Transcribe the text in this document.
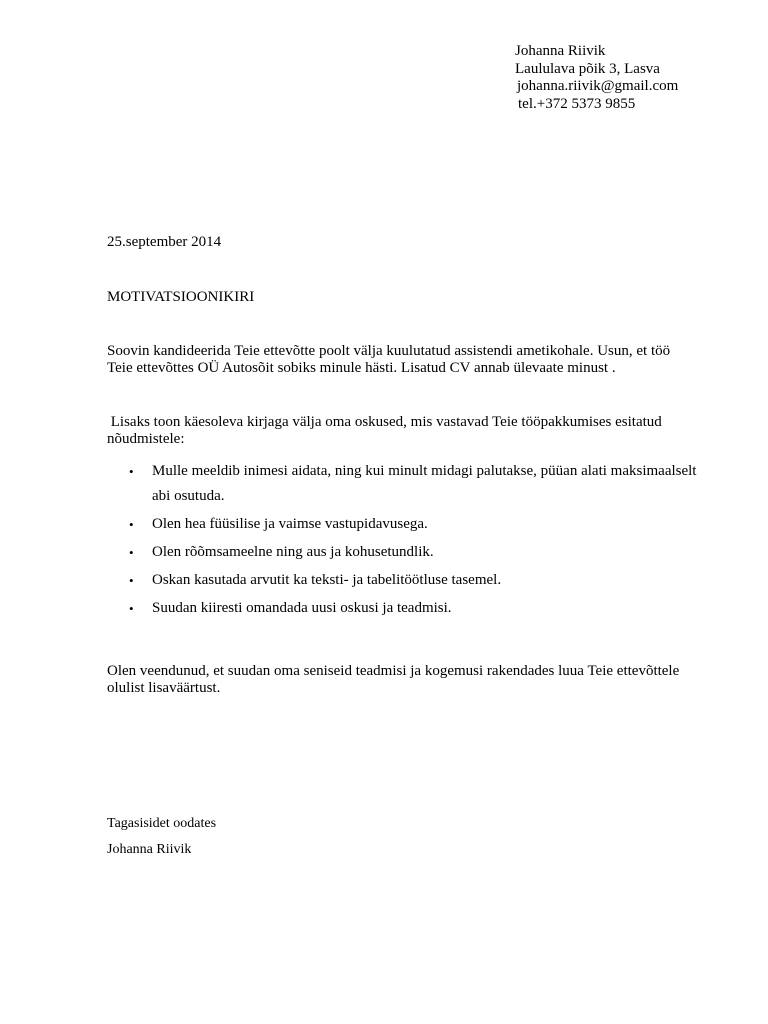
Johanna Riivik
Laululava põik 3, Lasva
johanna.riivik@gmail.com
tel.+372 5373 9855
25.september 2014
MOTIVATSIOONIKIRI
Soovin kandideerida Teie ettevõtte poolt välja kuulutatud assistendi ametikohale. Usun, et töö Teie ettevõttes OÜ Autosõit sobiks minule hästi. Lisatud CV annab ülevaate minust .
Lisaks toon käesoleva kirjaga välja oma oskused, mis vastavad Teie tööpakkumises esitatud nõudmistele:
• Mulle meeldib inimesi aidata, ning kui minult midagi palutakse, püüan alati maksimaalselt abi osutuda.
• Olen hea füüsilise ja vaimse vastupidavusega.
• Olen rõõmsameelne ning aus ja kohusetundlik.
• Oskan kasutada arvutit ka teksti- ja tabelitöötluse tasemel.
• Suudan kiiresti omandada uusi oskusi ja teadmisi.
Olen veendunud, et suudan oma seniseid teadmisi ja kogemusi rakendades luua Teie ettevõttele olulist lisaväärtust.
Tagasisidet oodates
Johanna Riivik
